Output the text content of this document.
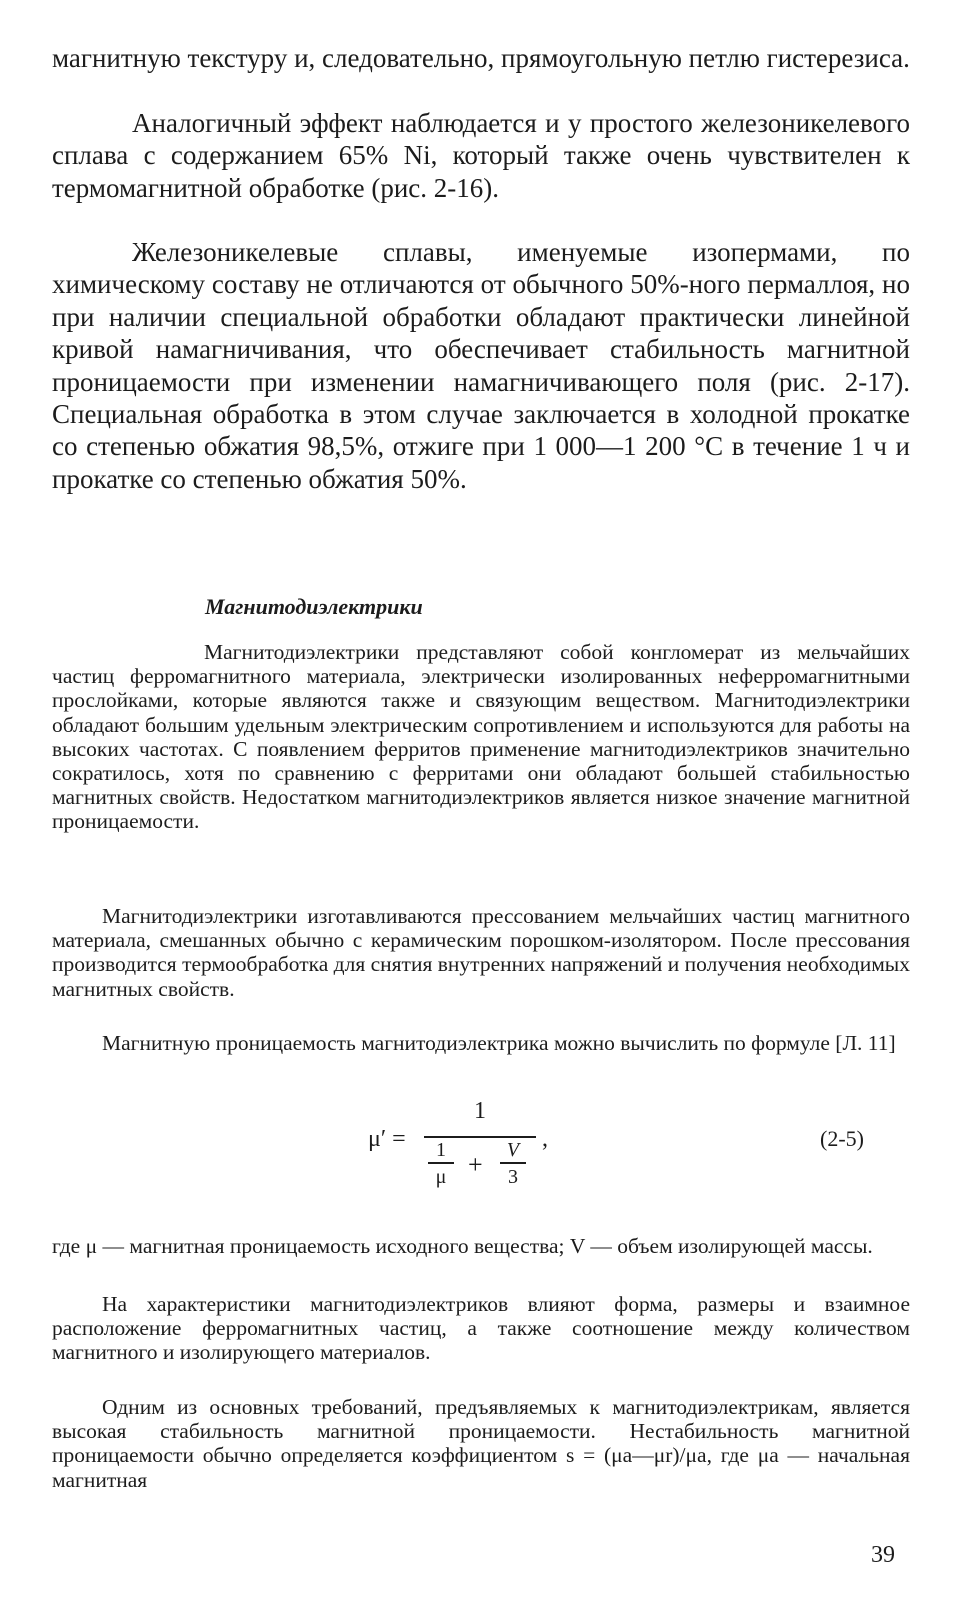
магнитную текстуру и, следовательно, прямоугольную петлю гистерезиса.

Аналогичный эффект наблюдается и у простого железоникелевого сплава с содержанием 65% Ni, который также очень чувствителен к термомагнитной обработке (рис. 2-16).

Железоникелевые сплавы, именуемые изопермами, по химическому составу не отличаются от обычного 50%-ного пермаллоя, но при наличии специальной обработки обладают практически линейной кривой намагничивания, что обеспечивает стабильность магнитной проницаемости при изменении намагничивающего поля (рис. 2-17). Специальная обработка в этом случае заключается в холодной прокатке со степенью обжатия 98,5%, отжиге при 1 000—1 200 °С в течение 1 ч и прокатке со степенью обжатия 50%.

Магнитодиэлектрики

Магнитодиэлектрики представляют собой конгломерат из мельчайших частиц ферромагнитного материала, электрически изолированных неферромагнитными прослойками, которые являются также и связующим веществом. Магнитодиэлектрики обладают большим удельным электрическим сопротивлением и используются для работы на высоких частотах. С появлением ферритов применение магнитодиэлектриков значительно сократилось, хотя по сравнению с ферритами они обладают большей стабильностью магнитных свойств. Недостатком магнитодиэлектриков является низкое значение магнитной проницаемости.

Магнитодиэлектрики изготавливаются прессованием мельчайших частиц магнитного материала, смешанных обычно с керамическим порошком-изолятором. После прессования производится термообработка для снятия внутренних напряжений и получения необходимых магнитных свойств.

Магнитную проницаемость магнитодиэлектрика можно вычислить по формуле [Л. 11]

μ′ =
1
1
μ +	V
3
,	(2-5)

где μ — магнитная проницаемость исходного вещества; V — объем изолирующей массы.

На характеристики магнитодиэлектриков влияют форма, размеры и взаимное расположение ферромагнитных частиц, а также соотношение между количеством магнитного и изолирующего материалов.

Одним из основных требований, предъявляемых к магнитодиэлектрикам, является высокая стабильность магнитной проницаемости. Нестабильность магнитной проницаемости обычно определяется коэффициентом s = (μa—μr)/μa, где μa — начальная магнитная

39
